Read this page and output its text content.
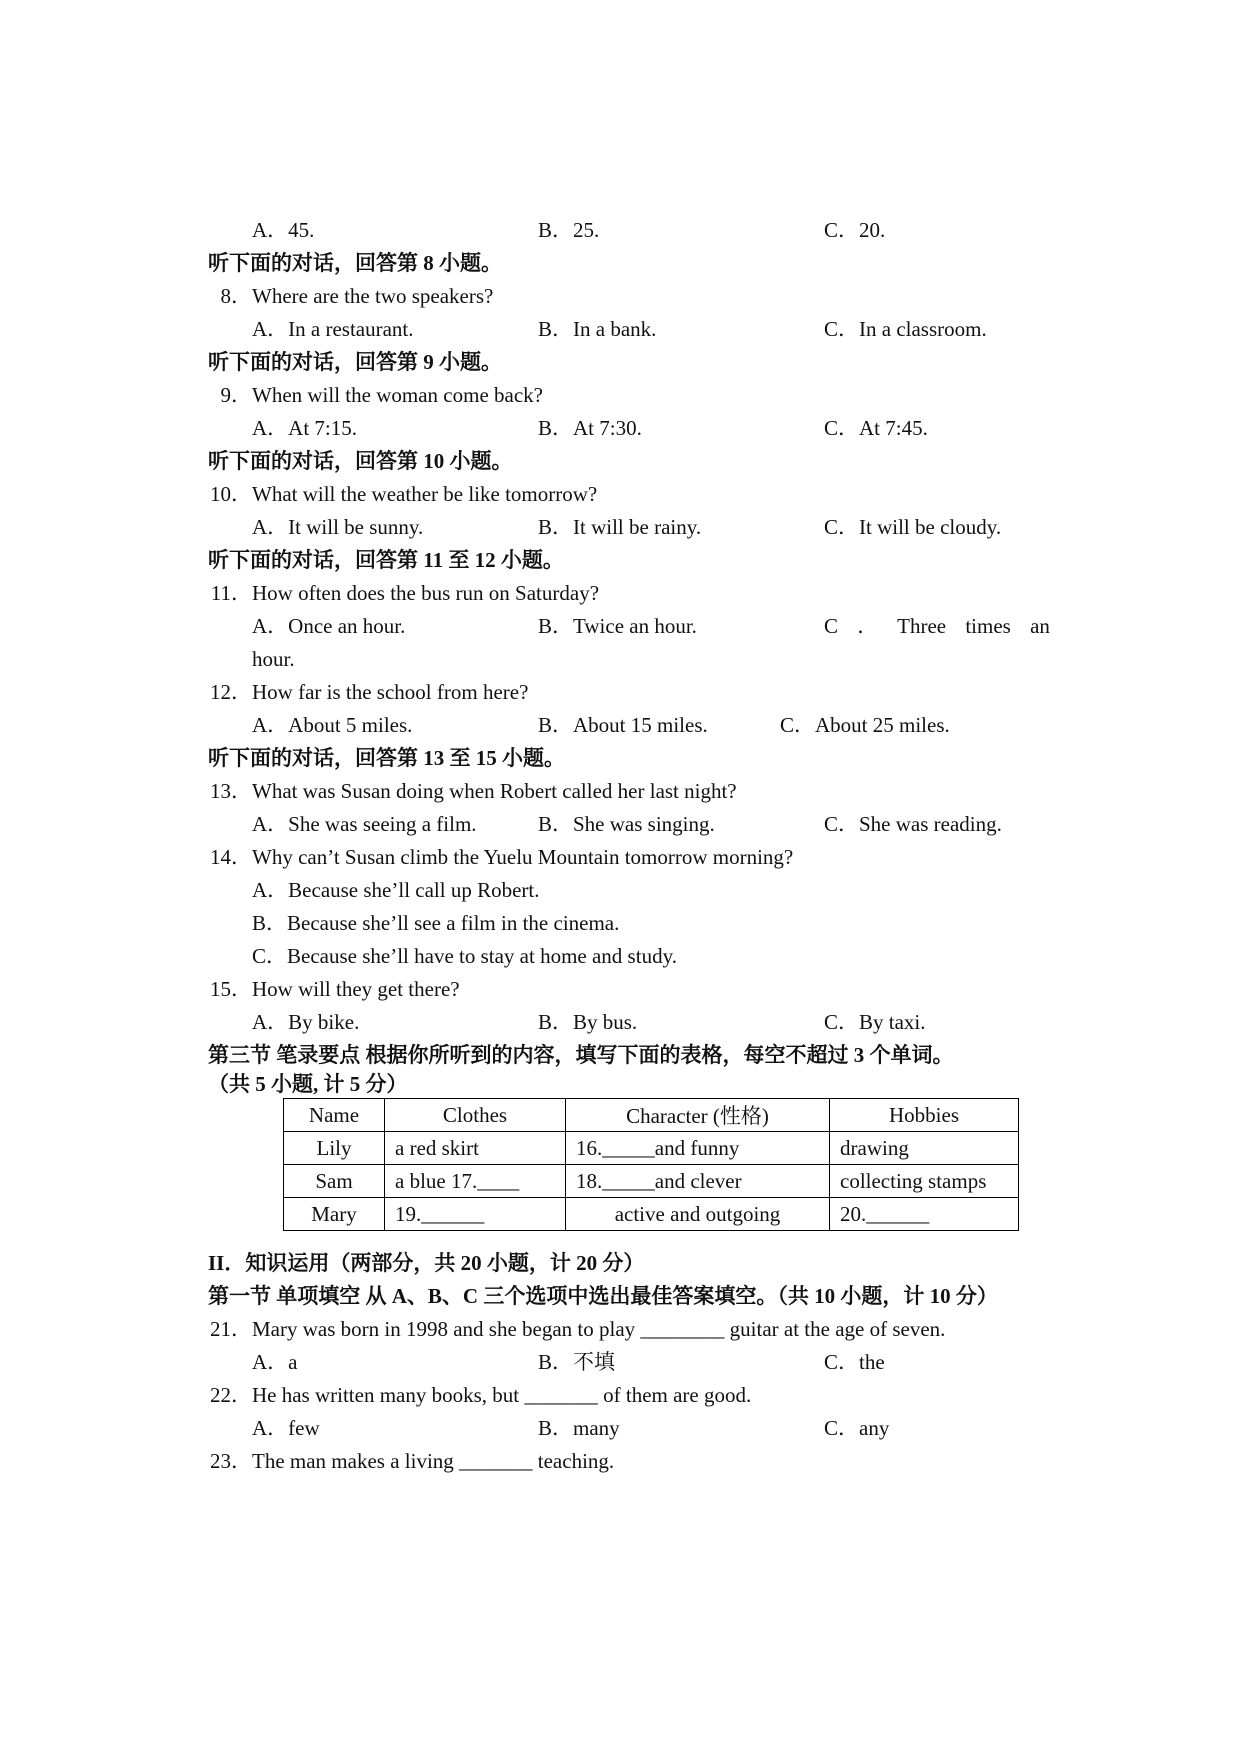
A．45.	B．25.	C．20.
听下面的对话，回答第 8 小题。
8．Where are the two speakers?
A．In a restaurant.	B．In a bank.	C．In a classroom.
听下面的对话，回答第 9 小题。
9．When will the woman come back?
A．At 7:15.	B．At 7:30.	C．At 7:45.
听下面的对话，回答第 10 小题。
10．What will the weather be like tomorrow?
A．It will be sunny.	B．It will be rainy.	C．It will be cloudy.
听下面的对话，回答第 11 至 12 小题。
11．How often does the bus run on Saturday?
A．Once an hour.	B．Twice an hour.	C ． Three times an
hour.
12．How far is the school from here?
A．About 5 miles.	B．About 15 miles.	C．About 25 miles.
听下面的对话，回答第 13 至 15 小题。
13．What was Susan doing when Robert called her last night?
A．She was seeing a film.	B．She was singing.	C．She was reading.
14．Why can’t Susan climb the Yuelu Mountain tomorrow morning?
A．Because she’ll call up Robert.
B．Because she’ll see a film in the cinema.
C．Because she’ll have to stay at home and study.
15．How will they get there?
A．By bike.	B．By bus.	C．By taxi.
第三节 笔录要点 根据你所听到的内容，填写下面的表格，每空不超过 3 个单词。
（共 5 小题, 计 5 分）
Name	Clothes	Character (性格)	Hobbies
Lily	a red skirt	16._____and funny	drawing
Sam	a blue 17.____	18._____and clever	collecting stamps
Mary	19.______	active and outgoing	20.______
II．知识运用（两部分，共 20 小题，计 20 分）
第一节 单项填空 从 A、B、C 三个选项中选出最佳答案填空。（共 10 小题，计 10 分）
21．Mary was born in 1998 and she began to play ________ guitar at the age of seven.
A．a	B．不填	C．the
22．He has written many books, but _______ of them are good.
A．few	B．many	C．any
23．The man makes a living _______ teaching.
